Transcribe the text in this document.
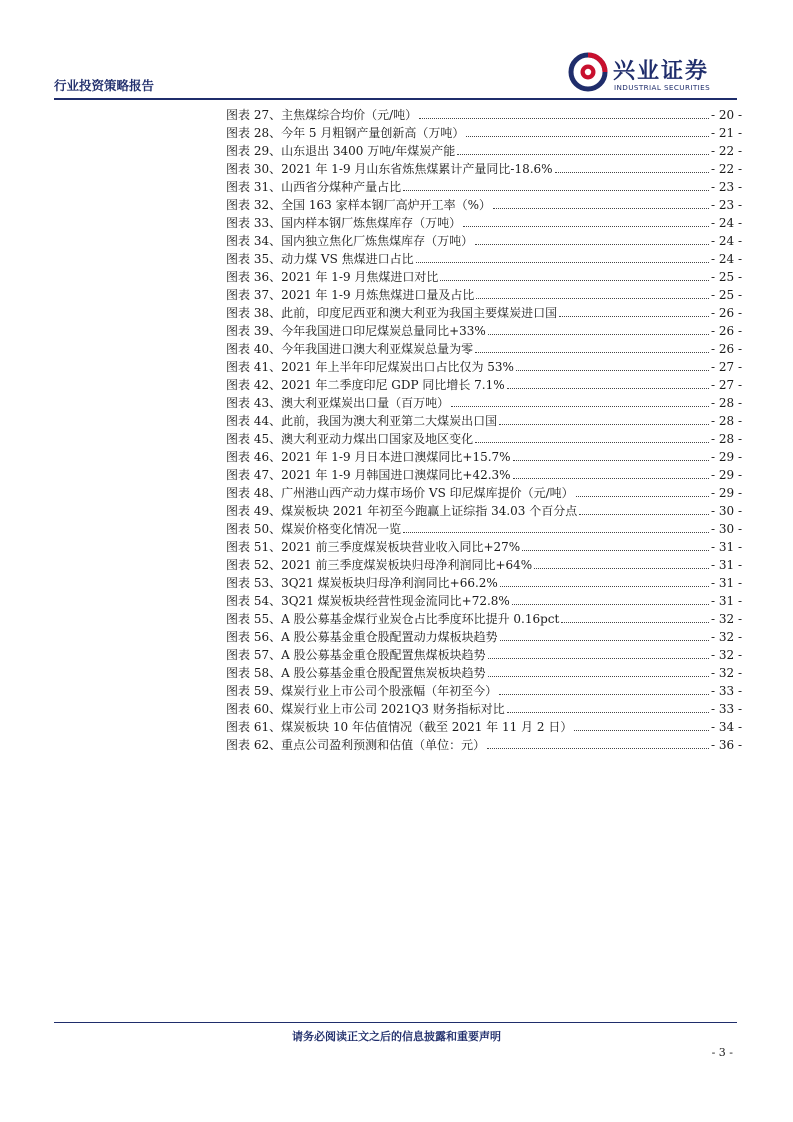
行业投资策略报告
兴业证券
INDUSTRIAL SECURITIES
图表 27、主焦煤综合均价（元/吨）	- 20 -
图表 28、今年 5 月粗钢产量创新高（万吨）	- 21 -
图表 29、山东退出 3400 万吨/年煤炭产能	- 22 -
图表 30、2021 年 1-9 月山东省炼焦煤累计产量同比-18.6%	- 22 -
图表 31、山西省分煤种产量占比	- 23 -
图表 32、全国 163 家样本钢厂高炉开工率（%）	- 23 -
图表 33、国内样本钢厂炼焦煤库存（万吨）	- 24 -
图表 34、国内独立焦化厂炼焦煤库存（万吨）	- 24 -
图表 35、动力煤 VS 焦煤进口占比	- 24 -
图表 36、2021 年 1-9 月焦煤进口对比	- 25 -
图表 37、2021 年 1-9 月炼焦煤进口量及占比	- 25 -
图表 38、此前，印度尼西亚和澳大利亚为我国主要煤炭进口国	- 26 -
图表 39、今年我国进口印尼煤炭总量同比+33%	- 26 -
图表 40、今年我国进口澳大利亚煤炭总量为零	- 26 -
图表 41、2021 年上半年印尼煤炭出口占比仅为 53%	- 27 -
图表 42、2021 年二季度印尼 GDP 同比增长 7.1%	- 27 -
图表 43、澳大利亚煤炭出口量（百万吨）	- 28 -
图表 44、此前，我国为澳大利亚第二大煤炭出口国	- 28 -
图表 45、澳大利亚动力煤出口国家及地区变化	- 28 -
图表 46、2021 年 1-9 月日本进口澳煤同比+15.7%	- 29 -
图表 47、2021 年 1-9 月韩国进口澳煤同比+42.3%	- 29 -
图表 48、广州港山西产动力煤市场价 VS 印尼煤库提价（元/吨）	- 29 -
图表 49、煤炭板块 2021 年初至今跑赢上证综指 34.03 个百分点	- 30 -
图表 50、煤炭价格变化情况一览	- 30 -
图表 51、2021 前三季度煤炭板块营业收入同比+27%	- 31 -
图表 52、2021 前三季度煤炭板块归母净利润同比+64%	- 31 -
图表 53、3Q21 煤炭板块归母净利润同比+66.2%	- 31 -
图表 54、3Q21 煤炭板块经营性现金流同比+72.8%	- 31 -
图表 55、A 股公募基金煤行业炭仓占比季度环比提升 0.16pct	- 32 -
图表 56、A 股公募基金重仓股配置动力煤板块趋势	- 32 -
图表 57、A 股公募基金重仓股配置焦煤板块趋势	- 32 -
图表 58、A 股公募基金重仓股配置焦炭板块趋势	- 32 -
图表 59、煤炭行业上市公司个股涨幅（年初至今）	- 33 -
图表 60、煤炭行业上市公司 2021Q3 财务指标对比	- 33 -
图表 61、煤炭板块 10 年估值情况（截至 2021 年 11 月 2 日）	- 34 -
图表 62、重点公司盈利预测和估值（单位：元）	- 36 -
请务必阅读正文之后的信息披露和重要声明
- 3 -
